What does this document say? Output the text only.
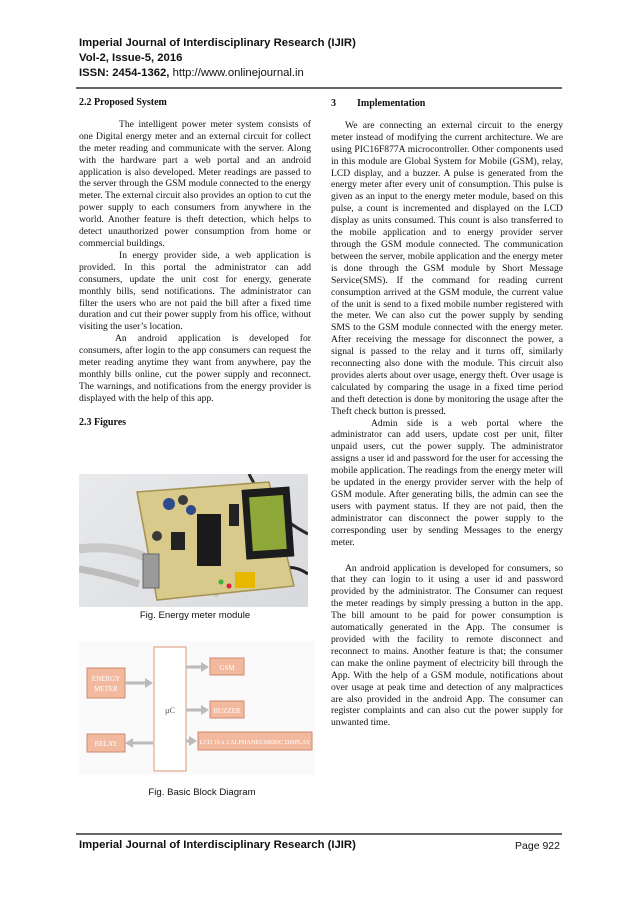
Imperial Journal of Interdisciplinary Research (IJIR)
Vol-2, Issue-5, 2016
ISSN: 2454-1362, http://www.onlinejournal.in
2.2 Proposed System

The intelligent power meter system consists of one Digital energy meter and an external circuit for collect the meter reading and communicate with the server. Along with the hardware part a web portal and an android application is also developed. Meter readings are passed to the server through the GSM module connected to the energy meter. The external circuit also provides an option to cut the power supply to each consumers from anywhere in the world. Another feature is theft detection, which helps to detect unauthorized power consumption from home or commercial buildings.

In energy provider side, a web application is provided. In this portal the administrator can add consumers, update the unit cost for energy, generate monthly bills, send notifications. The administrator can filter the users who are not paid the bill after a fixed time duration and cut their power supply from his office, without visiting the user’s location.

An android application is developed for consumers, after login to the app consumers can request the meter reading anytime they want from anywhere, pay the monthly bills online, cut the power supply and reconnect. The warnings, and notifications from the energy provider is displayed with the help of this app.

2.3 Figures
Fig. Energy meter module
ENERGY
METER
RELAY
µC
GSM
BUZZER
LCD 16 x 2 ALPHANEUMERIC DISPLAY
Fig. Basic Block Diagram
3 Implementation

We are connecting an external circuit to the energy meter instead of modifying the current architecture. We are using PIC16F877A microcontroller. Other components used in this module are Global System for Mobile (GSM), relay, LCD display, and a buzzer. A pulse is generated from the energy meter after every unit of consumption. This pulse is given as an input to the energy meter module, based on this pulse, a count is incremented and displayed on the LCD display as units consumed. This count is also transferred to the mobile application and to energy provider server through the GSM module connected. The communication between the server, mobile application and the energy meter is done through the GSM module by Short Message Service(SMS). If the command for reading current consumption arrived at the GSM module, the current value of the unit is send to a fixed mobile number registered with the meter. We can also cut the power supply by sending SMS to the GSM module connected with the energy meter. After receiving the message for disconnect the power, a signal is passed to the relay and it turns off, similarly reconnecting also done with the module. This circuit also provides alerts about over usage, energy theft. Over usage is calculated by comparing the usage in a fixed time period and theft detection is done by monitoring the usage after the Theft check button is pressed.

Admin side is a web portal where the administrator can add users, update cost per unit, filter unpaid users, cut the power supply. The administrator assigns a user id and password for the user for accessing the mobile application. The readings from the energy meter will be updated in the energy provider server with the help of GSM module. After generating bills, the admin can see the users with payment status. If they are not paid, then the administrator can disconnect the power supply to the corresponding user by sending Messages to the energy meter.

An android application is developed for consumers, so that they can login to it using a user id and password provided by the administrator. The Consumer can request the meter readings by simply pressing a button in the app. The bill amount to be paid for power consumption is automatically generated in the App. The consumer is provided with the facility to remote disconnect and reconnect to mains. Another feature is that; the consumer can make the online payment of electricity bill through the App. With the help of a GSM module, notifications about over usage at peak time and detection of any malpractices are also provided in the android App. The consumer can register complaints and can also cut the power supply for unwanted time.

Imperial Journal of Interdisciplinary Research (IJIR)	Page 922
